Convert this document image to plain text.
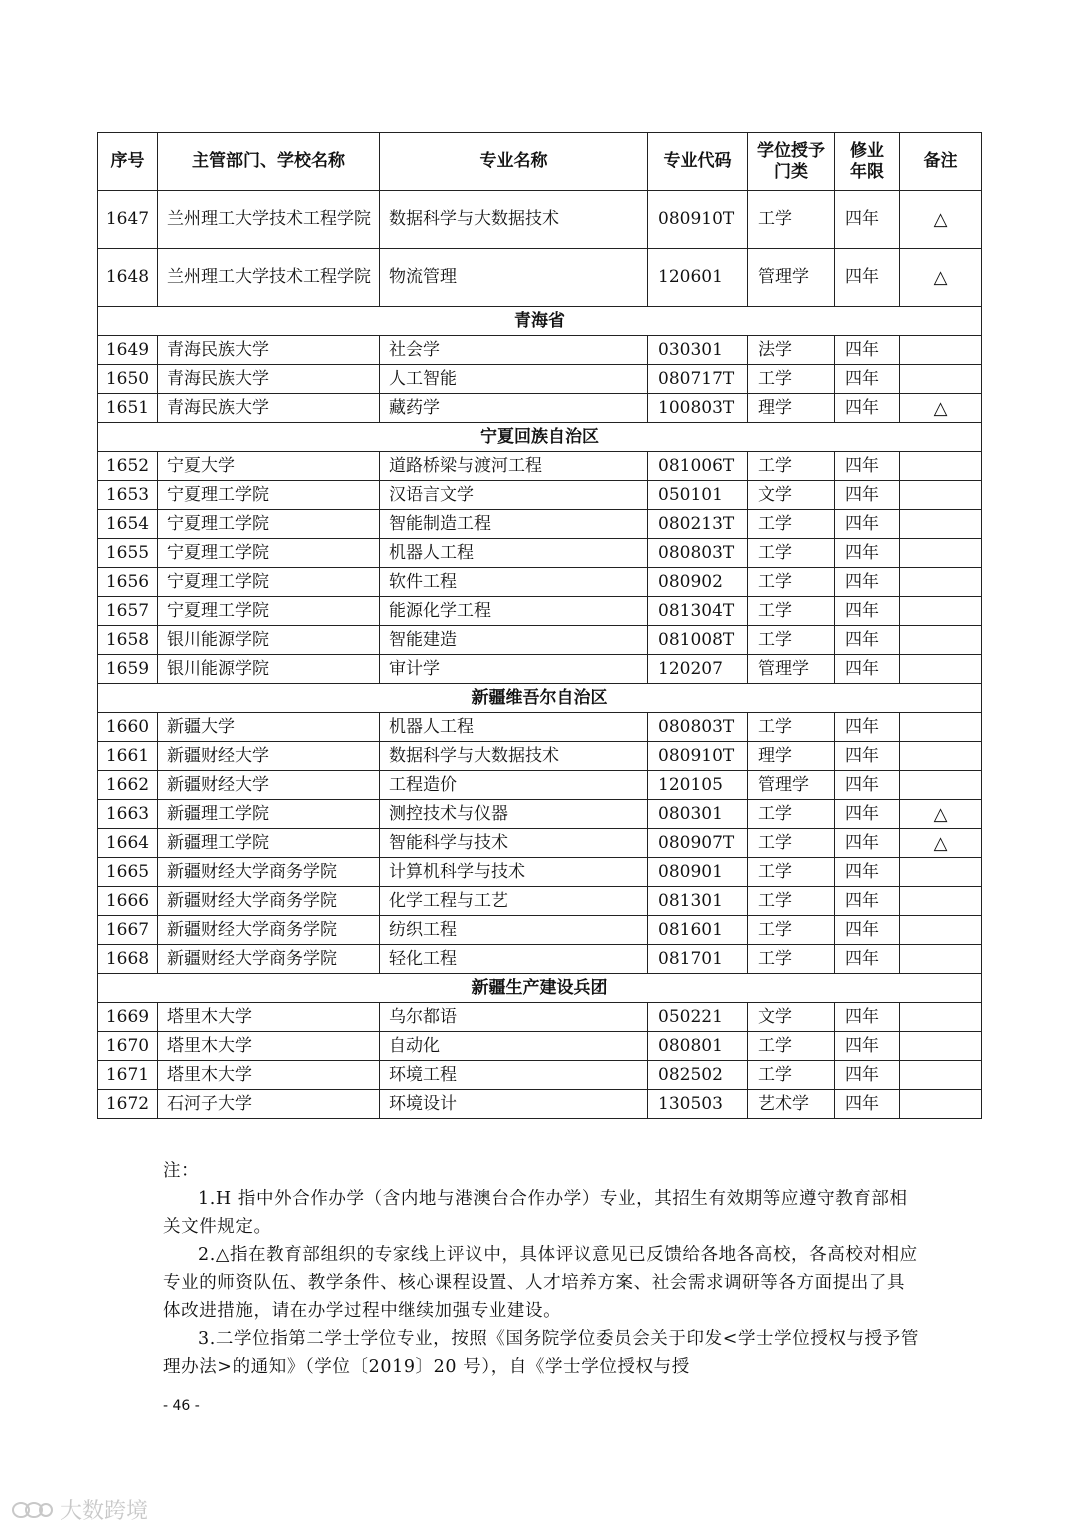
序号	主管部门、学校名称	专业名称	专业代码	学位授予门类	修业年限	备注
1647	兰州理工大学技术工程学院	数据科学与大数据技术	080910T	工学	四年	△
1648	兰州理工大学技术工程学院	物流管理	120601	管理学	四年	△
青海省						
1649	青海民族大学	社会学	030301	法学	四年	
1650	青海民族大学	人工智能	080717T	工学	四年	
1651	青海民族大学	藏药学	100803T	理学	四年	△
宁夏回族自治区						
1652	宁夏大学	道路桥梁与渡河工程	081006T	工学	四年	
1653	宁夏理工学院	汉语言文学	050101	文学	四年	
1654	宁夏理工学院	智能制造工程	080213T	工学	四年	
1655	宁夏理工学院	机器人工程	080803T	工学	四年	
1656	宁夏理工学院	软件工程	080902	工学	四年	
1657	宁夏理工学院	能源化学工程	081304T	工学	四年	
1658	银川能源学院	智能建造	081008T	工学	四年	
1659	银川能源学院	审计学	120207	管理学	四年	
新疆维吾尔自治区						
1660	新疆大学	机器人工程	080803T	工学	四年	
1661	新疆财经大学	数据科学与大数据技术	080910T	理学	四年	
1662	新疆财经大学	工程造价	120105	管理学	四年	
1663	新疆理工学院	测控技术与仪器	080301	工学	四年	△
1664	新疆理工学院	智能科学与技术	080907T	工学	四年	△
1665	新疆财经大学商务学院	计算机科学与技术	080901	工学	四年	
1666	新疆财经大学商务学院	化学工程与工艺	081301	工学	四年	
1667	新疆财经大学商务学院	纺织工程	081601	工学	四年	
1668	新疆财经大学商务学院	轻化工程	081701	工学	四年	
新疆生产建设兵团						
1669	塔里木大学	乌尔都语	050221	文学	四年	
1670	塔里木大学	自动化	080801	工学	四年	
1671	塔里木大学	环境工程	082502	工学	四年	
1672	石河子大学	环境设计	130503	艺术学	四年	

注：

1.H 指中外合作办学（含内地与港澳台合作办学）专业，其招生有效期等应遵守教育部相关文件规定。

2.△指在教育部组织的专家线上评议中，具体评议意见已反馈给各地各高校，各高校对相应专业的师资队伍、教学条件、核心课程设置、人才培养方案、社会需求调研等各方面提出了具体改进措施，请在办学过程中继续加强专业建设。

3.二学位指第二学士学位专业，按照《国务院学位委员会关于印发<学士学位授权与授予管理办法>的通知》（学位〔2019〕20 号），自《学士学位授权与授

- 46 -
大数跨境
